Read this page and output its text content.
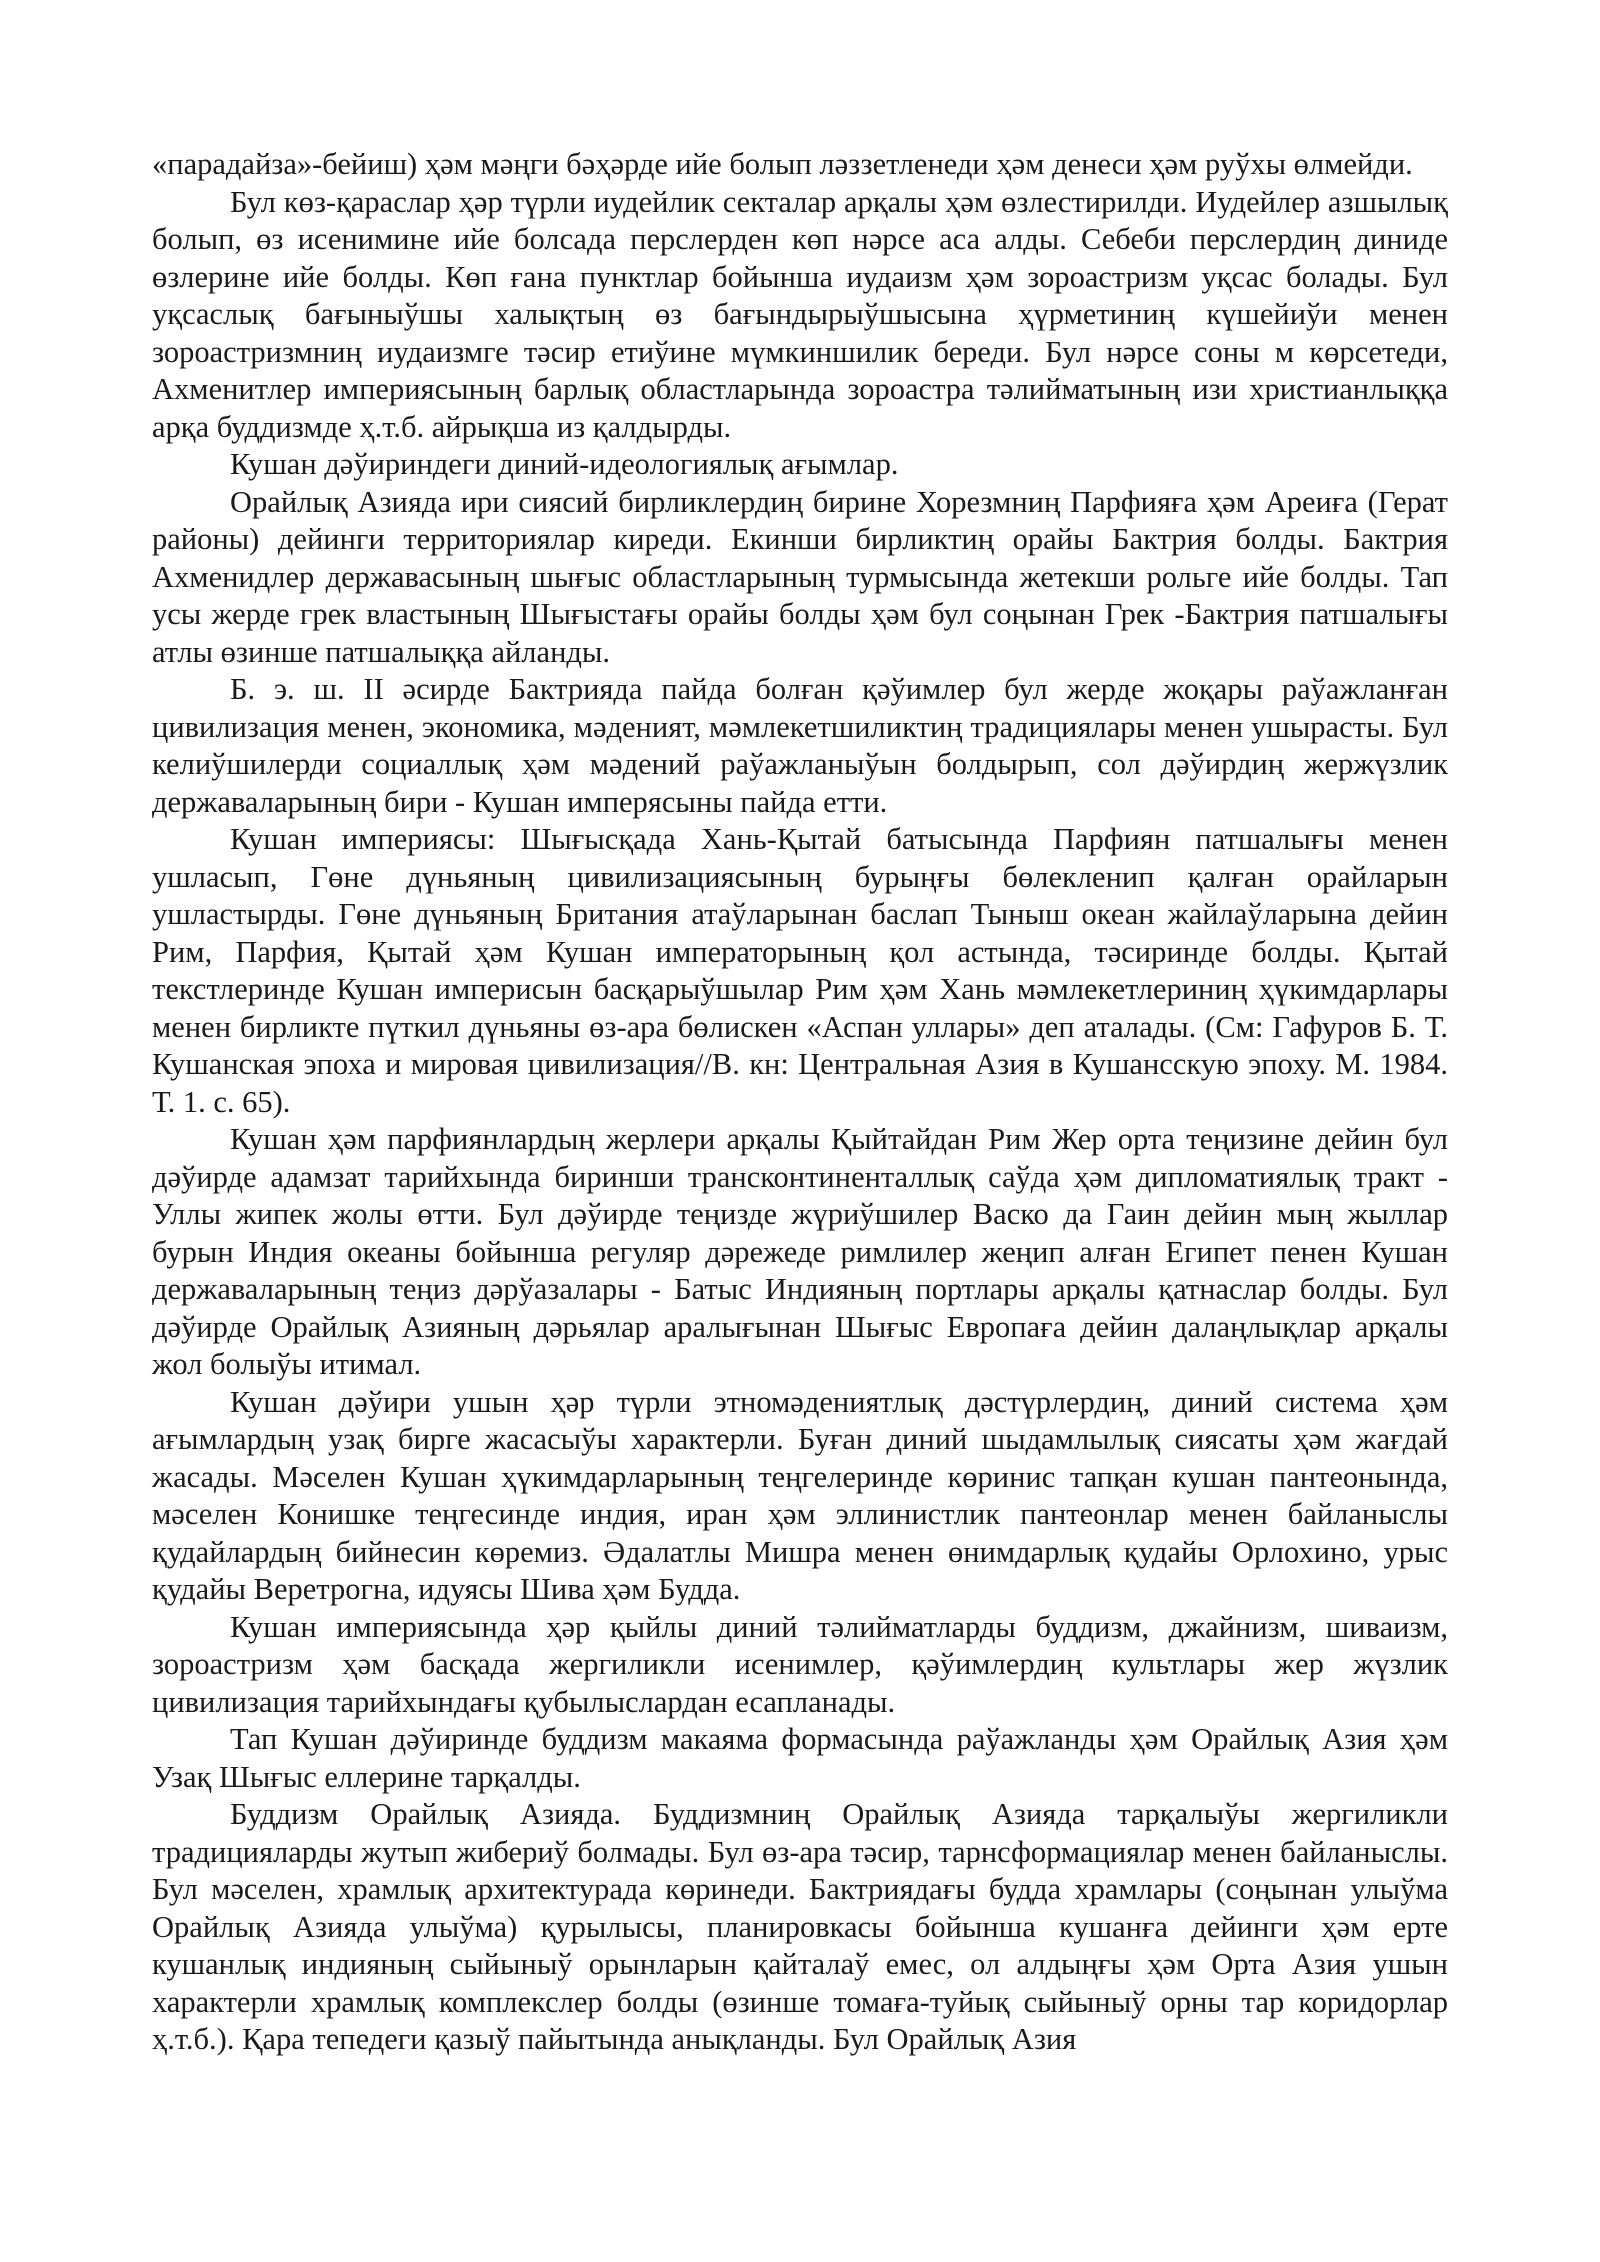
«парадайза»-бейиш) ҳәм мәңги бәҳәрде ийе болып ләззетленеди ҳәм денеси ҳәм руўхы өлмейди.

Бул көз-қараслар ҳәр түрли иудейлик секталар арқалы ҳәм өзлестирилди. Иудейлер азшылық болып, өз исенимине ийе болсада перслерден көп нәрсе аса алды. Себеби перслердиң диниде өзлерине ийе болды. Көп ғана пунктлар бойынша иудаизм ҳәм зороастризм уқсас болады. Бул уқсаслық бағыныўшы халықтың өз бағындырыўшысына ҳүрметиниң күшейиўи менен зороастризмниң иудаизмге тәсир етиўине мүмкиншилик береди. Бул нәрсе соны м көрсетеди, Ахменитлер империясының барлық областларында зороастра тәлийматының изи христианлыққа арқа буддизмде ҳ.т.б. айрықша из қалдырды.

Кушан дәўириндеги диний-идеологиялық ағымлар.

Орайлық Азияда ири сиясий бирликлердиң бирине Хорезмниң Парфияға ҳәм Ареиға (Герат районы) дейинги территориялар киреди. Екинши бирликтиң орайы Бактрия болды. Бактрия Ахменидлер державасының шығыс областларының турмысында жетекши рольге ийе болды. Тап усы жерде грек властының Шығыстағы орайы болды ҳәм бул соңынан Грек -Бактрия патшалығы атлы өзинше патшалыққа айланды.

Б. э. ш. II әсирде Бактрияда пайда болған қәўимлер бул жерде жоқары раўажланған цивилизация менен, экономика, мәдeният, мәмлекетшиликтиң традициялары менен ушырасты. Бул келиўшилерди социаллық ҳәм мәдений раўажланыўын болдырып, сол дәўирдиң жержүзлик державаларының бири - Кушан имперясыны пайда етти.

Кушан империясы: Шығысқада Хань-Қытай батысында Парфиян патшалығы менен ушласып, Гөне дүньяның цивилизациясының бурыңғы бөлекленип қалған орайларын ушластырды. Гөне дүньяның Британия атаўларынан баслап Тыныш океан жайлаўларына дейин Рим, Парфия, Қытай ҳәм Кушан императорының қол астында, тәсиринде болды. Қытай текстлеринде Кушан империсын басқарыўшылар Рим ҳәм Хань мәмлекетлериниң ҳүкимдарлары менен бирликте пүткил дүньяны өз-ара бөлискен «Аспан уллары» деп аталады. (См: Гафуров Б. Т. Кушанская эпоха и мировая цивилизация//В. кн: Центральная Азия в Кушансскую эпоху. М. 1984. Т. 1. с. 65).

Кушан ҳәм парфиянлардың жерлери арқалы Қыйтайдан Рим Жер орта теңизине дейин бул дәўирде адамзат тарийхында биринши трансконтиненталлық саўда ҳәм дипломатиялық тракт - Уллы жипек жолы өтти. Бул дәўирде теңизде жүриўшилер Васко да Гаин дейин мың жыллар бурын Индия океаны бойынша регуляр дәрежеде римлилер жеңип алған Египет пенен Кушан державаларының теңиз дәрўазалары - Батыс Индияның портлары арқалы қатнаслар болды. Бул дәўирде Орайлық Азияның дәрьялар аралығынан Шығыс Европаға дейин далаңлықлар арқалы жол болыўы итимал.

Кушан дәўири ушын ҳәр түрли этномәдениятлық дәстүрлердиң, диний система ҳәм ағымлардың узақ бирге жасасыўы характерли. Буған диний шыдамлылық сиясаты ҳәм жағдай жасады. Мәселен Кушан ҳүкимдарларының теңгелеринде көринис тапқан кушан пантеонында, мәселен Конишке теңгесинде индия, иран ҳәм эллинистлик пантеонлар менен байланыслы қудайлардың бийнесин көремиз. Әдалатлы Мишра менен өнимдарлық қудайы Орлохино, урыс қудайы Веретрогна, идуясы Шива ҳәм Будда.

Кушан империясында ҳәр қыйлы диний тәлийматларды буддизм, джайнизм, шиваизм, зороастризм ҳәм басқада жергиликли исенимлер, қәўимлердиң культлары жер жүзлик цивилизация тарийхындағы қубылыслардан есапланады.

Тап Кушан дәўиринде буддизм макаяма формасында раўажланды ҳәм Орайлық Азия ҳәм Узақ Шығыс еллерине тарқалды.

Буддизм Орайлық Азияда. Буддизмниң Орайлық Азияда тарқалыўы жергиликли традицияларды жутып жибериў болмады. Бул өз-ара тәсир, тарнсформациялар менен байланыслы. Бул мәселен, храмлық архитектурада көринеди. Бактриядағы будда храмлары (соңынан улыўма Орайлық Азияда улыўма) қурылысы, планировкасы бойынша кушанға дейинги ҳәм ерте кушанлық индияның сыйыныў орынларын қайталаў емес, ол алдыңғы ҳәм Орта Азия ушын характерли храмлық комплекслер болды (өзинше томаға-туйық сыйыныў орны тар коридорлар ҳ.т.б.). Қара тепедеги қазыў пайытында анықланды. Бул Орайлық Азия
